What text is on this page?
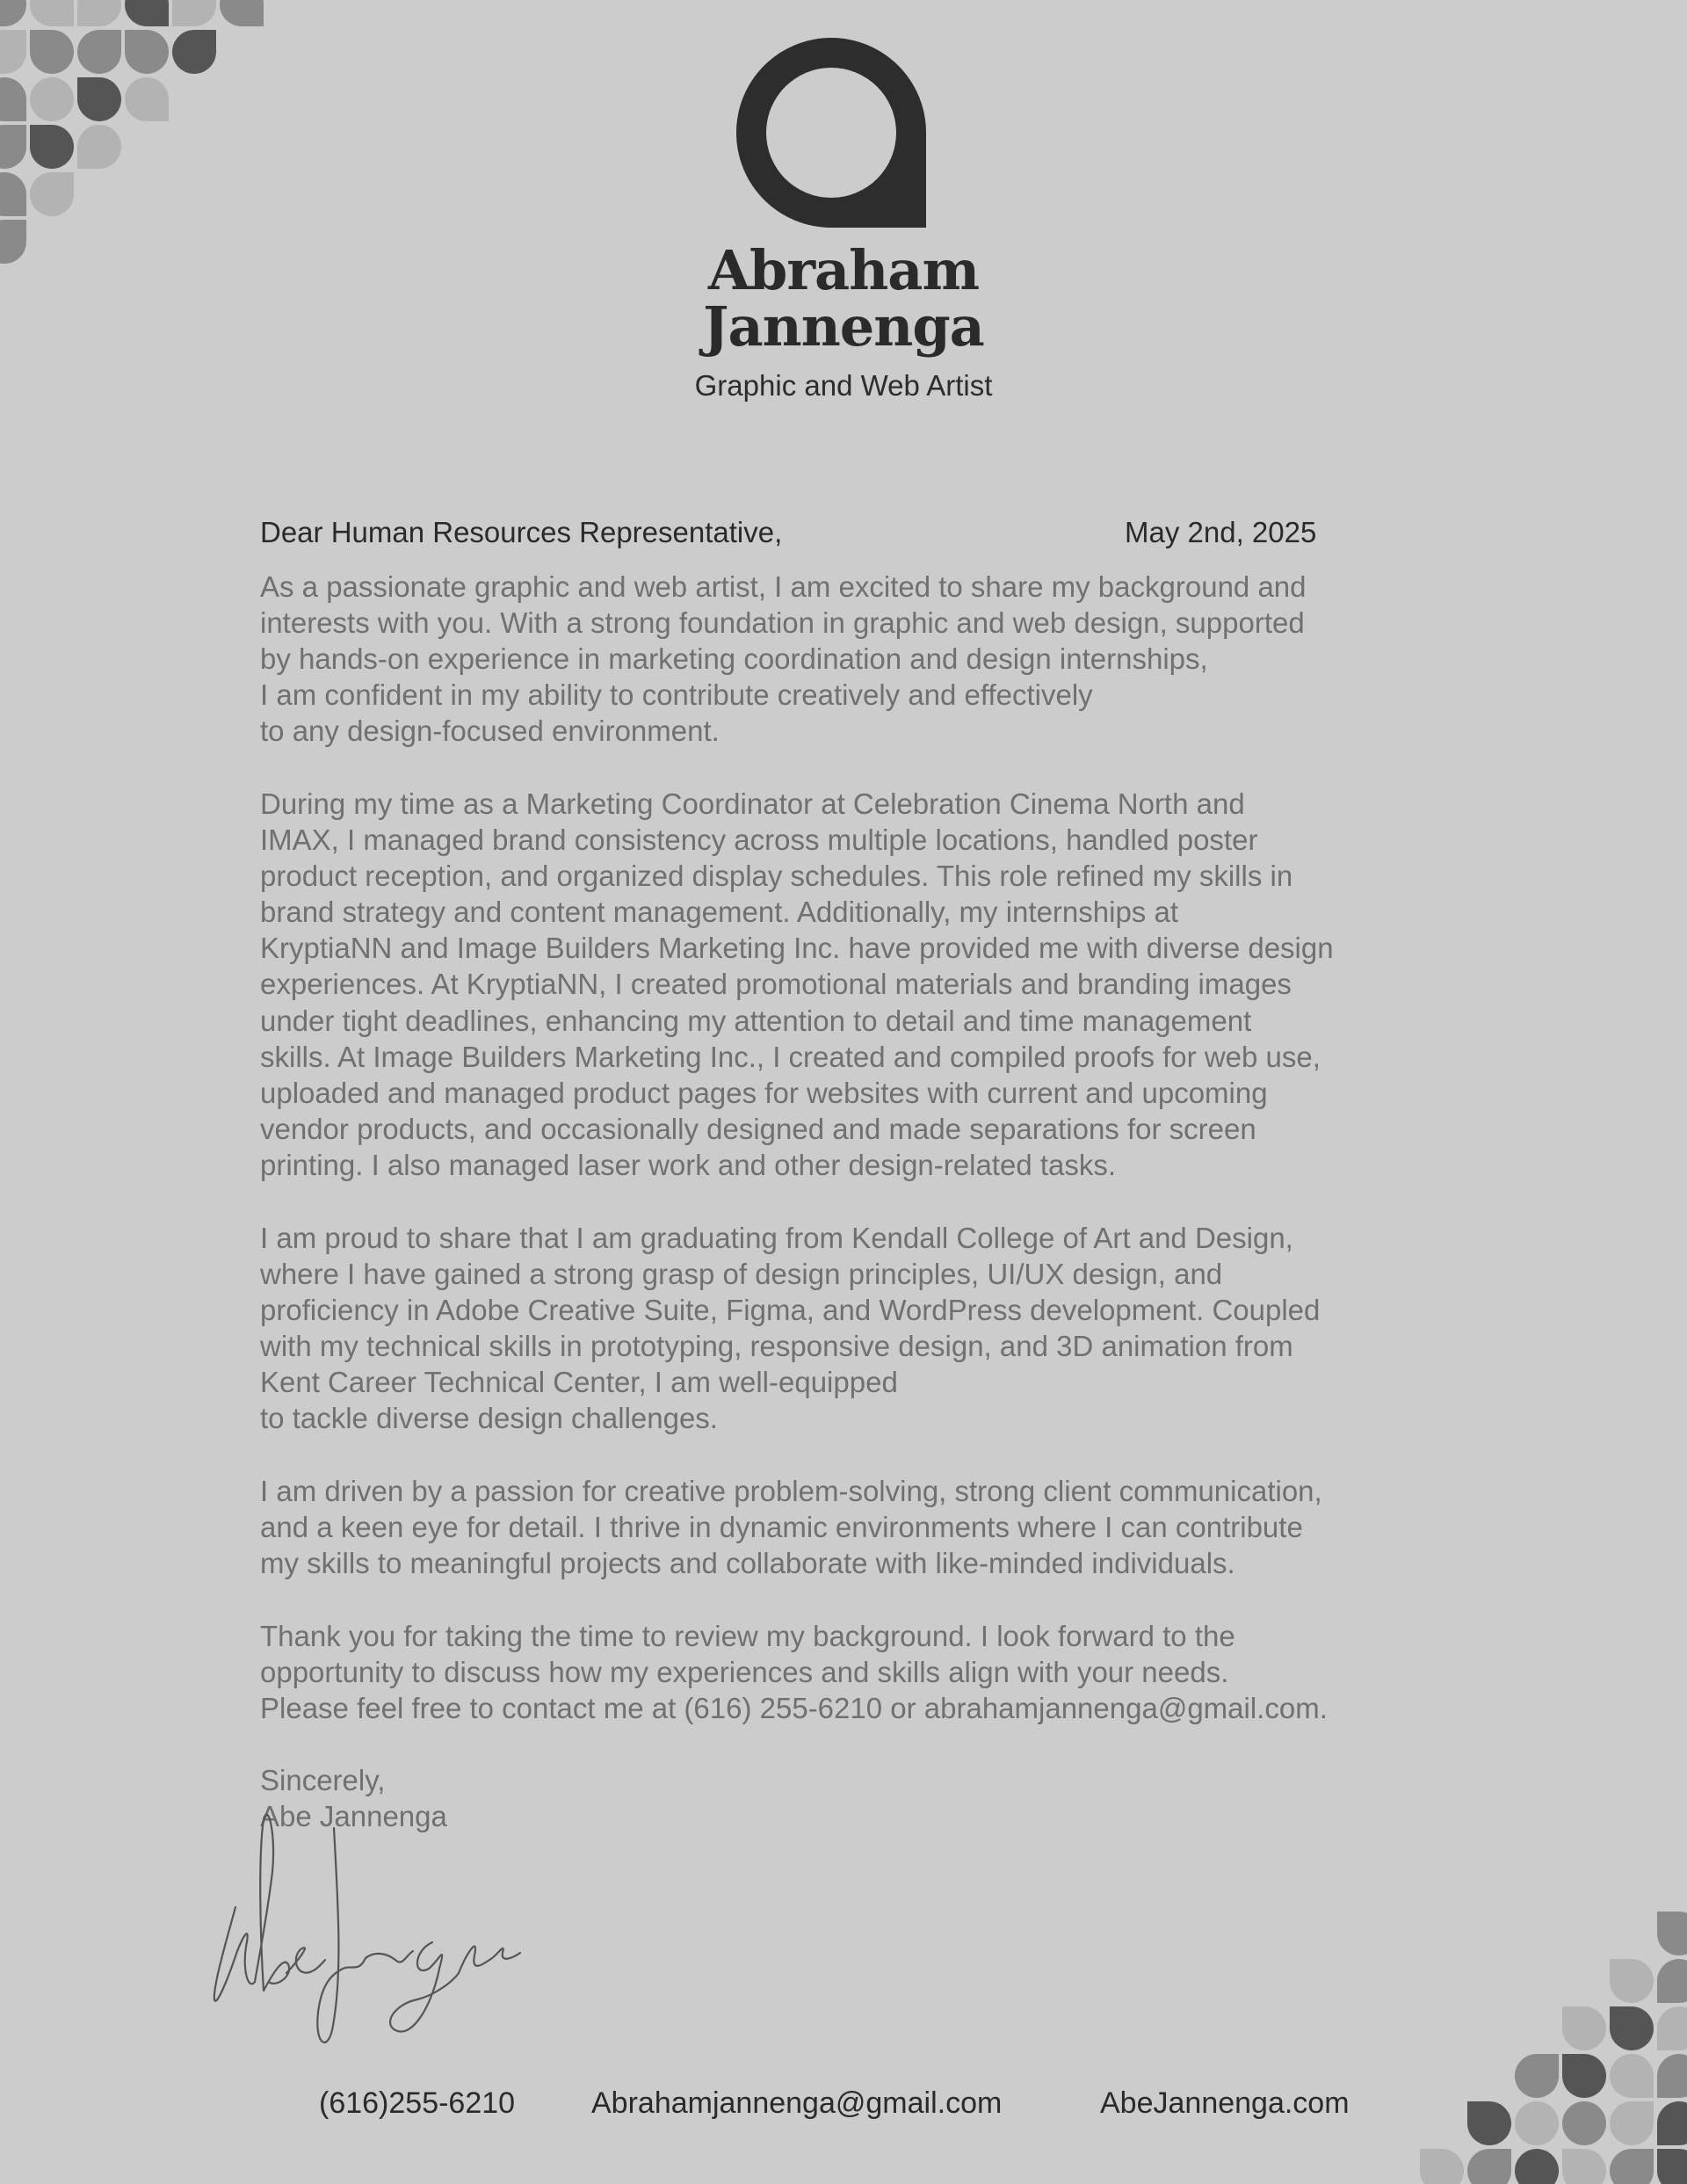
Abraham
Jannenga
Graphic and Web Artist
Dear Human Resources Representative,	May 2nd, 2025
As a passionate graphic and web artist, I am excited to share my background and
interests with you. With a strong foundation in graphic and web design, supported
by hands-on experience in marketing coordination and design internships,
I am confident in my ability to contribute creatively and effectively
to any design-focused environment.
During my time as a Marketing Coordinator at Celebration Cinema North and
IMAX, I managed brand consistency across multiple locations, handled poster
product reception, and organized display schedules. This role refined my skills in
brand strategy and content management. Additionally, my internships at
KryptiaNN and Image Builders Marketing Inc. have provided me with diverse design
experiences. At KryptiaNN, I created promotional materials and branding images
under tight deadlines, enhancing my attention to detail and time management
skills. At Image Builders Marketing Inc., I created and compiled proofs for web use,
uploaded and managed product pages for websites with current and upcoming
vendor products, and occasionally designed and made separations for screen
printing. I also managed laser work and other design-related tasks.
I am proud to share that I am graduating from Kendall College of Art and Design,
where I have gained a strong grasp of design principles, UI/UX design, and
proficiency in Adobe Creative Suite, Figma, and WordPress development. Coupled
with my technical skills in prototyping, responsive design, and 3D animation from
Kent Career Technical Center, I am well-equipped
to tackle diverse design challenges.
I am driven by a passion for creative problem-solving, strong client communication,
and a keen eye for detail. I thrive in dynamic environments where I can contribute
my skills to meaningful projects and collaborate with like-minded individuals.
Thank you for taking the time to review my background. I look forward to the
opportunity to discuss how my experiences and skills align with your needs.
Please feel free to contact me at (616) 255-6210 or abrahamjannenga@gmail.com.
Sincerely,
Abe Jannenga
(616)255-6210	Abrahamjannenga@gmail.com	AbeJannenga.com
